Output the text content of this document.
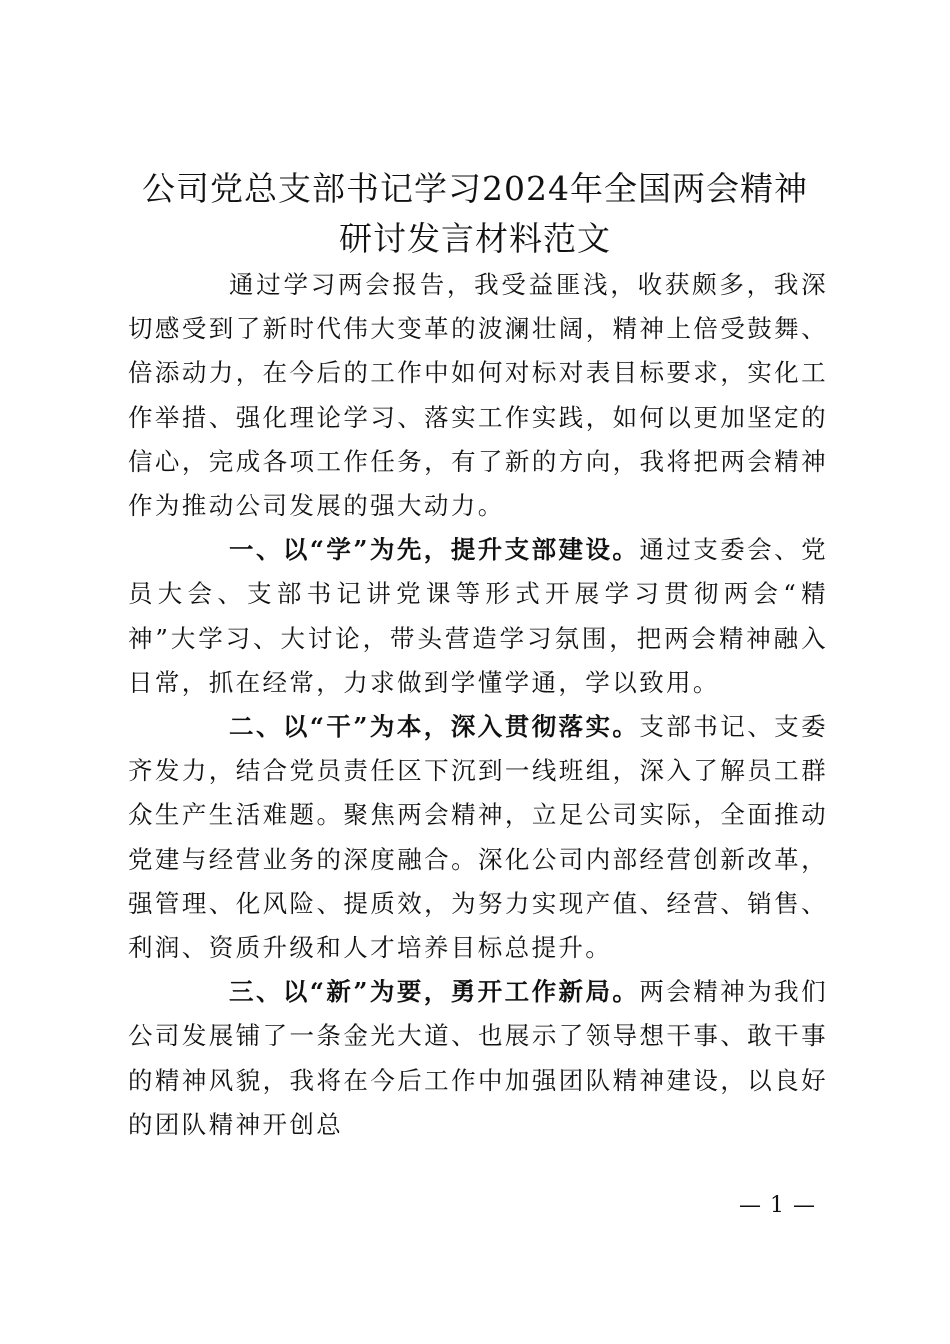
公司党总支部书记学习2024年全国两会精神
研讨发言材料范文

通过学习两会报告，我受益匪浅，收获颇多，我深切感受到了新时代伟大变革的波澜壮阔，精神上倍受鼓舞、倍添动力，在今后的工作中如何对标对表目标要求，实化工作举措、强化理论学习、落实工作实践，如何以更加坚定的信心，完成各项工作任务，有了新的方向，我将把两会精神作为推动公司发展的强大动力。

一、以“学”为先，提升支部建设。通过支委会、党员大会、支部书记讲党课等形式开展学习贯彻两会“精神”大学习、大讨论，带头营造学习氛围，把两会精神融入日常，抓在经常，力求做到学懂学通，学以致用。

二、以“干”为本，深入贯彻落实。支部书记、支委齐发力，结合党员责任区下沉到一线班组，深入了解员工群众生产生活难题。聚焦两会精神，立足公司实际，全面推动党建与经营业务的深度融合。深化公司内部经营创新改革，强管理、化风险、提质效，为努力实现产值、经营、销售、利润、资质升级和人才培养目标总提升。

三、以“新”为要，勇开工作新局。两会精神为我们公司发展铺了一条金光大道、也展示了领导想干事、敢干事的精神风貌，我将在今后工作中加强团队精神建设，以良好的团队精神开创总

— 1 —
